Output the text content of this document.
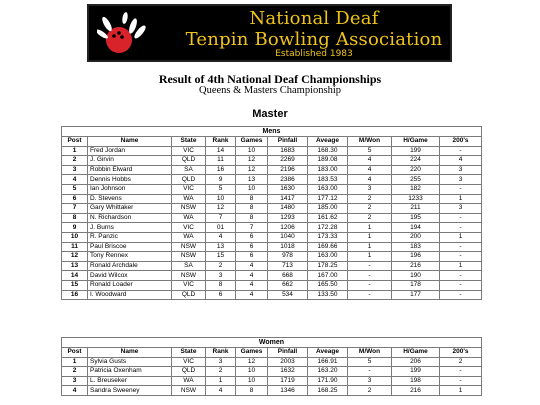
National Deaf
Tenpin Bowling Association
Established 1983
Result of 4th National Deaf Championships
Queens & Masters Championship
Master
Mens
Post	Name	State	Rank	Games	Pinfall	Aveage	M/Won	H/Game	200's
1	Fred Jordan	VIC	14	10	1683	168.30	5	199	-
2	J. Girvin	QLD	11	12	2269	189.08	4	224	4
3	Robbin Elward	SA	16	12	2196	183.00	4	220	3
4	Dennis Hobbs	QLD	9	13	2386	183.53	4	255	3
5	Ian Johnson	VIC	5	10	1630	163.00	3	182	-
6	D. Stevens	WA	10	8	1417	177.12	2	1233	1
7	Gary Whittaker	NSW	12	8	1480	185.00	2	211	3
8	N. Richardson	WA	7	8	1293	161.62	2	195	-
9	J. Burns	VIC	01	7	1206	172.28	1	194	-
10	R. Panzic	WA	4	6	1040	173.33	1	200	1
11	Paul Briscoe	NSW	13	6	1018	169.66	1	183	-
12	Tony Rennex	NSW	15	6	978	163.00	1	196	-
13	Ronald Archdale	SA	2	4	713	178.25	-	216	1
14	David Wilcox	NSW	3	4	668	167.00	-	190	-
15	Ronald Loader	VIC	8	4	662	165.50	-	178	-
16	I. Woodward	QLD	6	4	534	133.50	-	177	-
Women
Post	Name	State	Rank	Games	Pinfall	Aveage	M/Won	H/Game	200's
1	Sylvia Gusts	VIC	3	12	2003	166.91	5	206	2
2	Patricia Oxenham	QLD	2	10	1632	163.20	-	199	-
3	L. Breuseker	WA	1	10	1719	171.90	3	198	-
4	Sandra Sweeney	NSW	4	8	1346	168.25	2	216	1
